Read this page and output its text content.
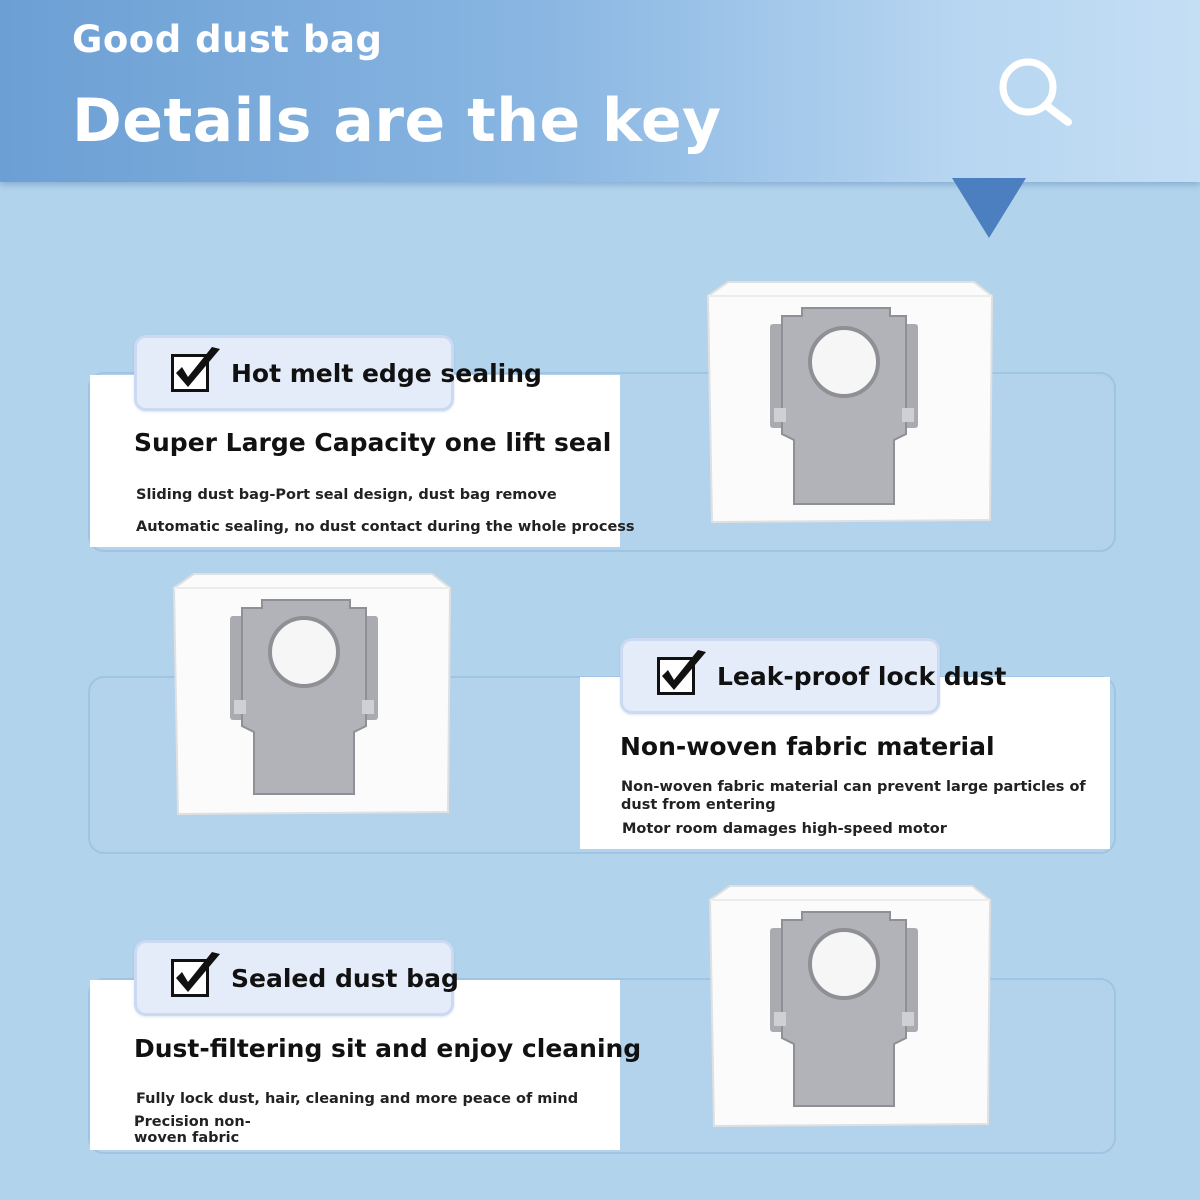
Good dust bag
Details are the key
Hot melt edge sealing
Super Large Capacity one lift seal
Sliding dust bag-Port seal design, dust bag remove
Automatic sealing, no dust contact during the whole process
Leak-proof lock dust
Non-woven fabric material
Non-woven fabric material can prevent large particles of dust from entering
Motor room damages high-speed motor
Sealed dust bag
Dust-filtering sit and enjoy cleaning
Fully lock dust, hair, cleaning and more peace of mind
Precision non-woven fabric
